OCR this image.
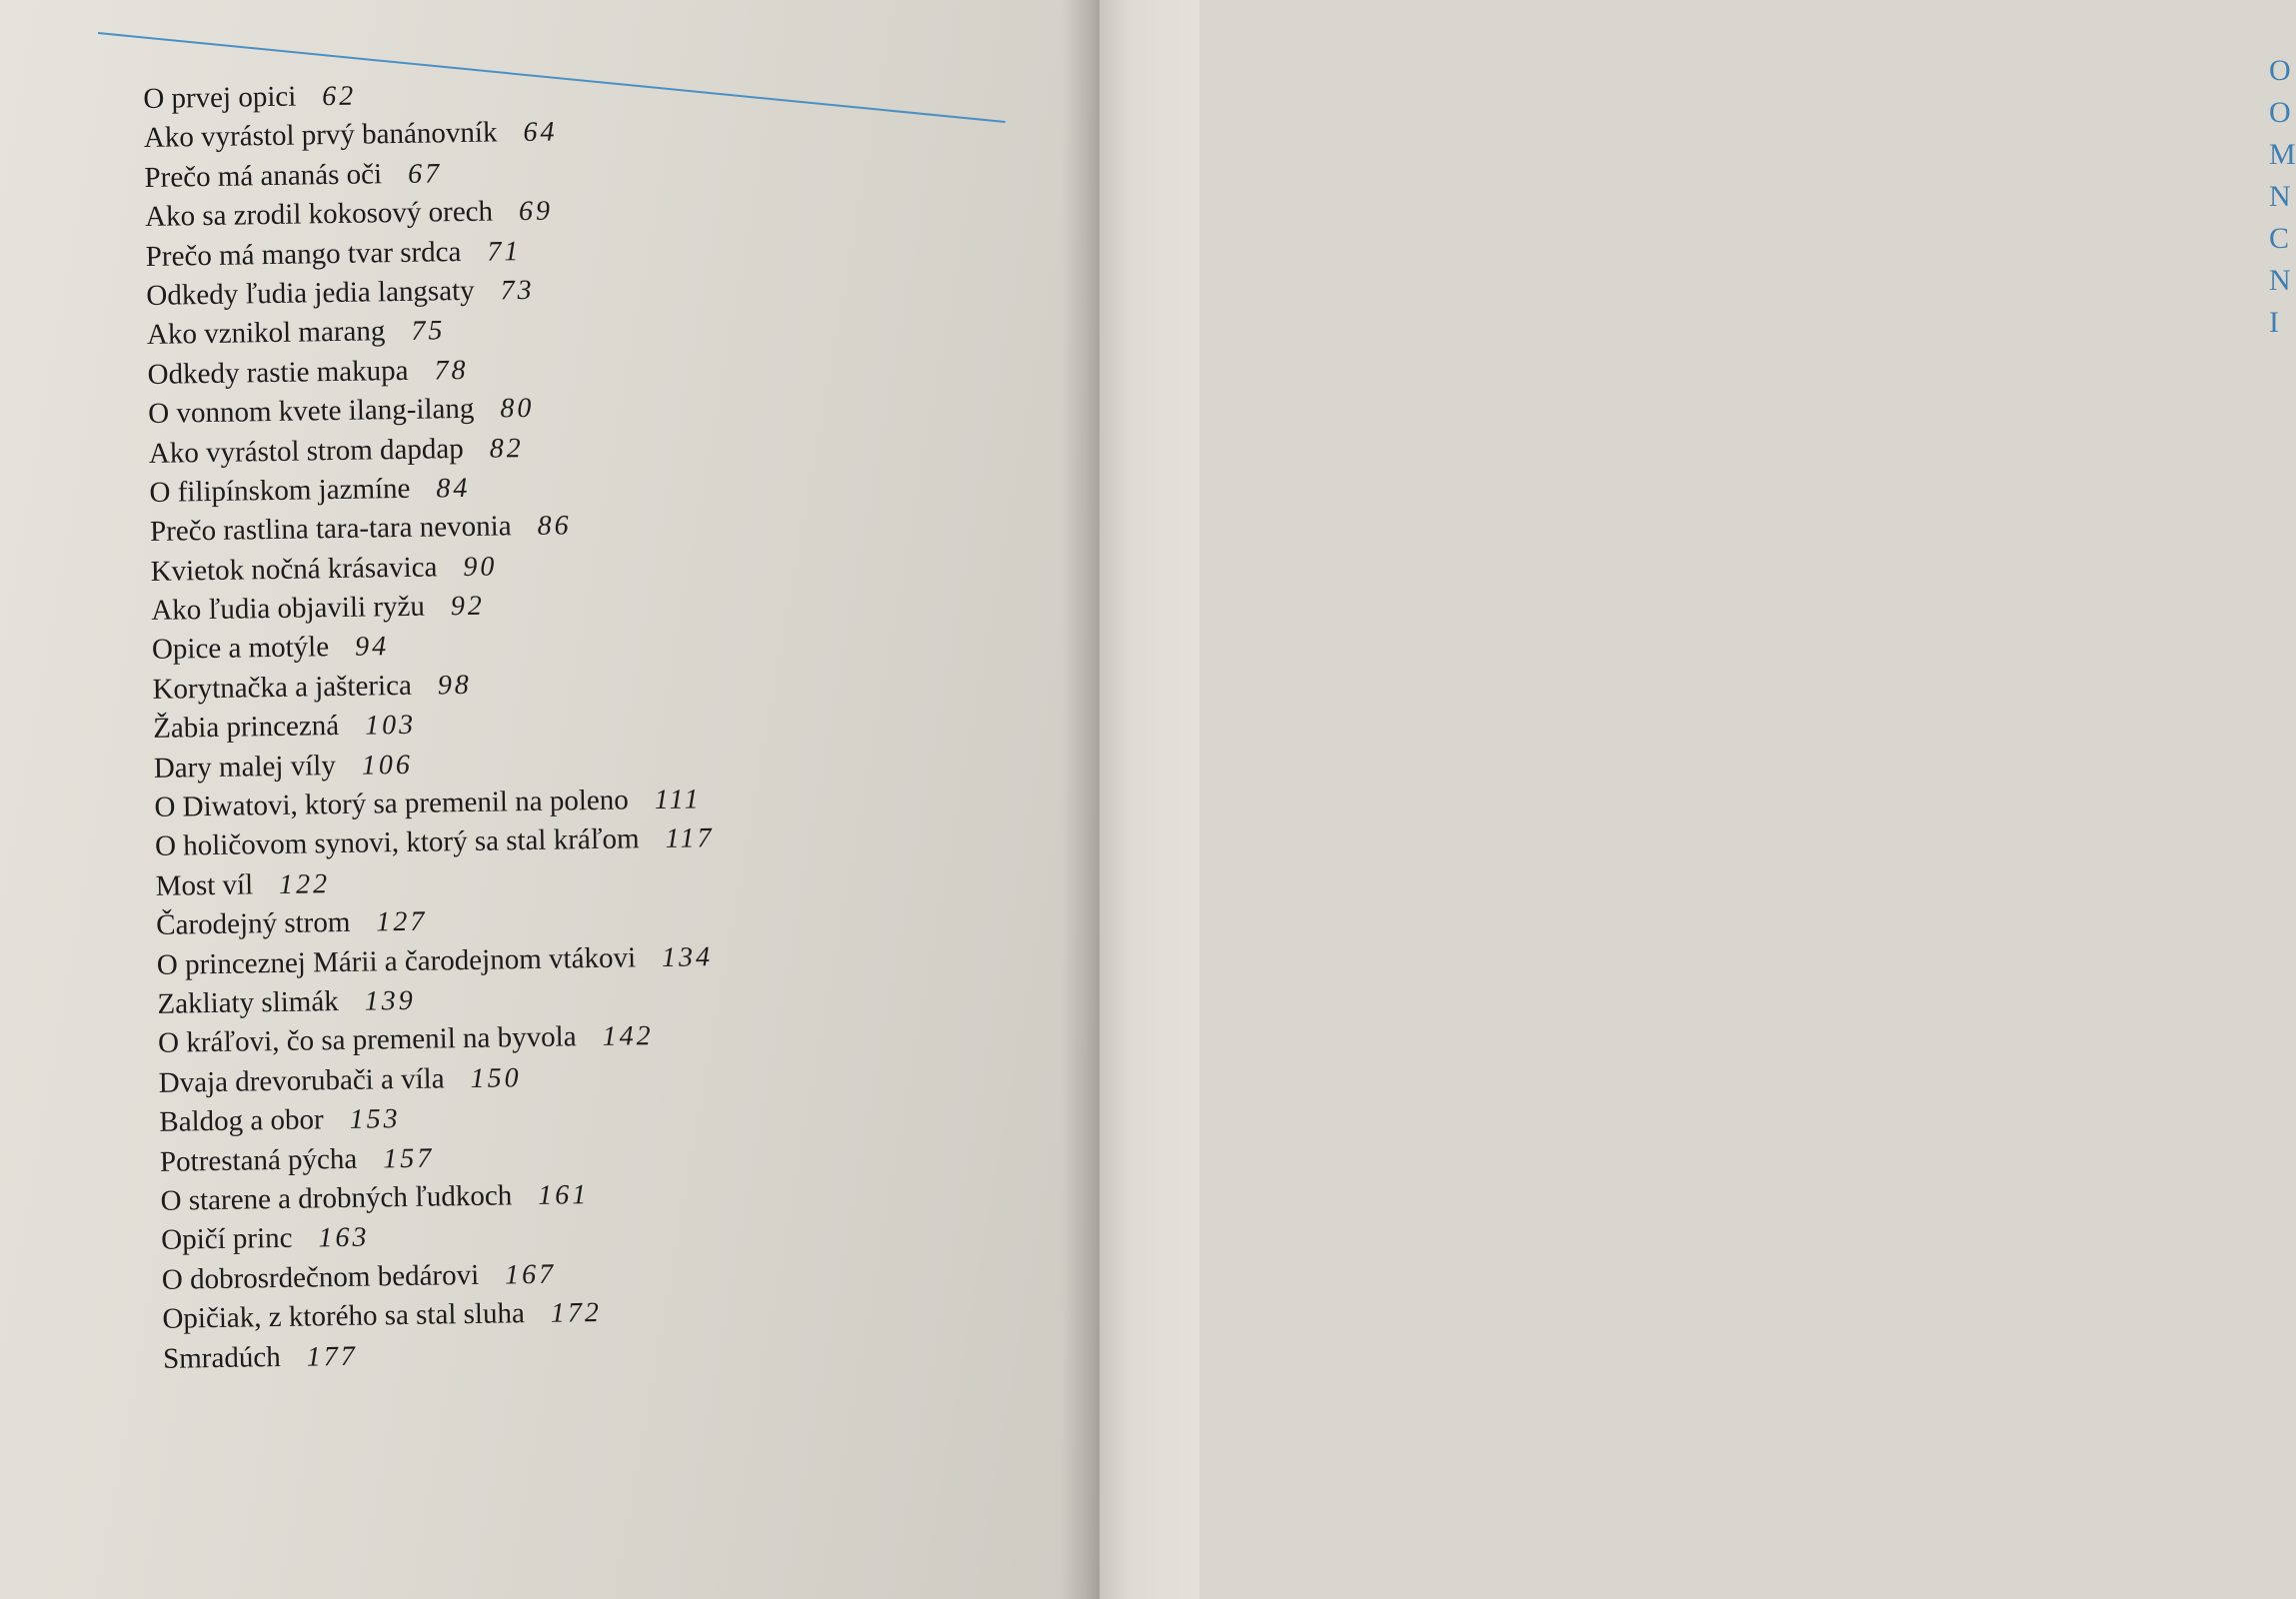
O prvej opici 62
Ako vyrástol prvý banánovník 64
Prečo má ananás oči 67
Ako sa zrodil kokosový orech 69
Prečo má mango tvar srdca 71
Odkedy ľudia jedia langsaty 73
Ako vznikol marang 75
Odkedy rastie makupa 78
O vonnom kvete ilang-ilang 80
Ako vyrástol strom dapdap 82
O filipínskom jazmíne 84
Prečo rastlina tara-tara nevonia 86
Kvietok nočná krásavica 90
Ako ľudia objavili ryžu 92
Opice a motýle 94
Korytnačka a jašterica 98
Žabia princezná 103
Dary malej víly 106
O Diwatovi, ktorý sa premenil na poleno 111
O holičovom synovi, ktorý sa stal kráľom 117
Most víl 122
Čarodejný strom 127
O princeznej Márii a čarodejnom vtákovi 134
Zakliaty slimák 139
O kráľovi, čo sa premenil na byvola 142
Dvaja drevorubači a víla 150
Baldog a obor 153
Potrestaná pýcha 157
O starene a drobných ľudkoch 161
Opičí princ 163
O dobrosrdečnom bedárovi 167
Opičiak, z ktorého sa stal sluha 172
Smradúch 177
O
O
M
N
C
N
I
